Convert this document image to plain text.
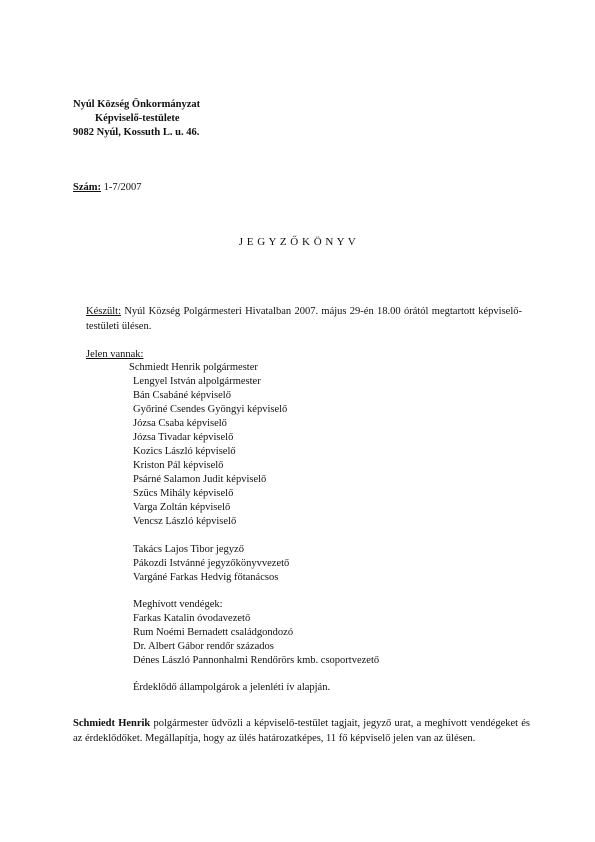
Nyúl Község Önkormányzat
Képviselő-testülete
9082 Nyúl, Kossuth L. u. 46.
Szám: 1-7/2007
J E G Y Z Ő K Ö N Y V
Készült: Nyúl Község Polgármesteri Hivatalban 2007. május 29-én 18.00 órától megtartott képviselő-testületi ülésen.
Jelen vannak:
Schmiedt Henrik polgármester
Lengyel István alpolgármester
Bán Csabáné képviselő
Győriné Csendes Gyöngyi képviselő
Józsa Csaba képviselő
Józsa Tivadar képviselő
Kozics László képviselő
Kriston Pál képviselő
Psárné Salamon Judit képviselő
Szücs Mihály képviselő
Varga Zoltán képviselő
Vencsz László képviselő
Takács Lajos Tibor jegyző
Pákozdi Istvánné jegyzőkönyvvezető
Vargáné Farkas Hedvig főtanácsos
Meghívott vendégek:
Farkas Katalin óvodavezető
Rum Noémi Bernadett családgondozó
Dr. Albert Gábor rendőr százados
Dénes László Pannonhalmi Rendőrörs kmb. csoportvezető
Érdeklődő állampolgárok a jelenléti ív alapján.
Schmiedt Henrik polgármester üdvözli a képviselő-testület tagjait, jegyző urat, a meghívott vendégeket és az érdeklődőket. Megállapítja, hogy az ülés határozatképes, 11 fő képviselő jelen van az ülésen.
